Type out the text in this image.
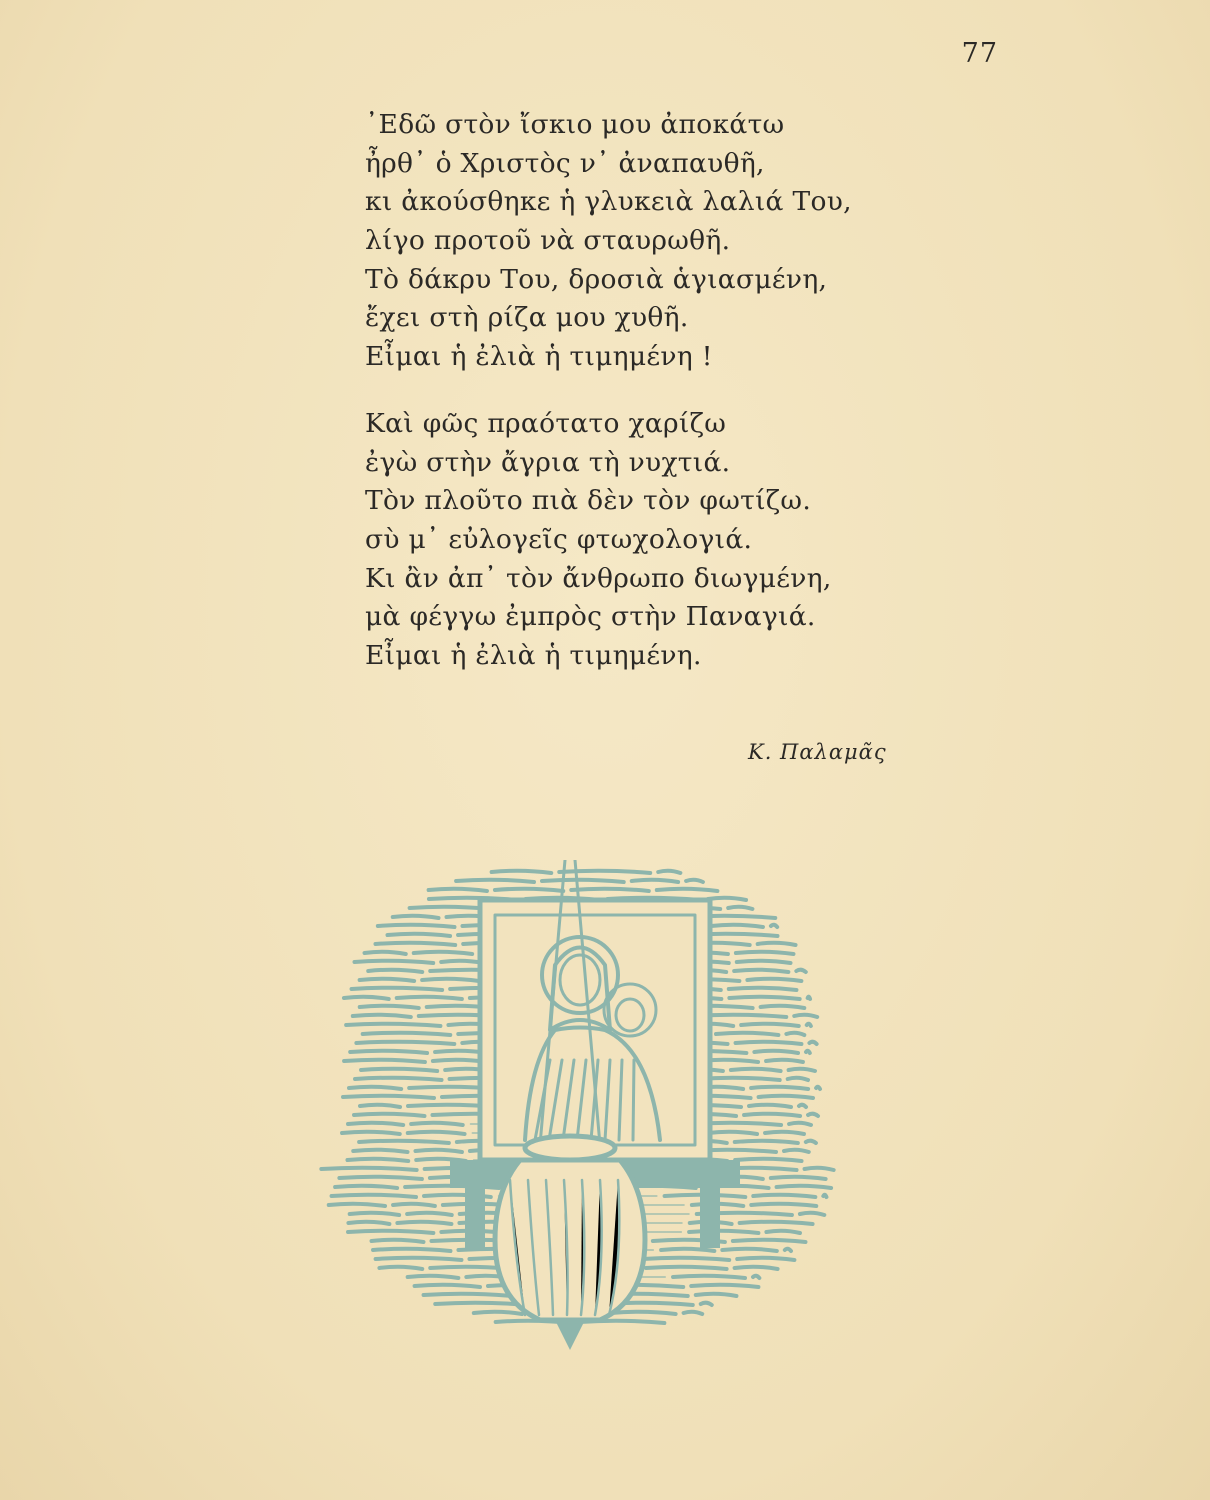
77
᾿Εδῶ στὸν ἴσκιο μου ἀποκάτω
ἦρθ᾿ ὁ Χριστὸς ν᾿ ἀναπαυθῆ,
κι ἀκούσθηκε ἡ γλυκειὰ λαλιά Του,
λίγο προτοῦ νὰ σταυρωθῆ.
Τὸ δάκρυ Του, δροσιὰ ἁγιασμένη,
ἔχει στὴ ρίζα μου χυθῆ.
Εἶμαι ἡ ἐλιὰ ἡ τιμημένη !
Καὶ φῶς πραότατο χαρίζω
ἐγὼ στὴν ἄγρια τὴ νυχτιά.
Τὸν πλοῦτο πιὰ δὲν τὸν φωτίζω.
σὺ μ᾿ εὐλογεῖς φτωχολογιά.
Κι ἂν ἀπ᾿ τὸν ἄνθρωπο διωγμένη,
μὰ φέγγω ἐμπρὸς στὴν Παναγιά.
Εἶμαι ἡ ἐλιὰ ἡ τιμημένη.
Κ. Παλαμᾶς
